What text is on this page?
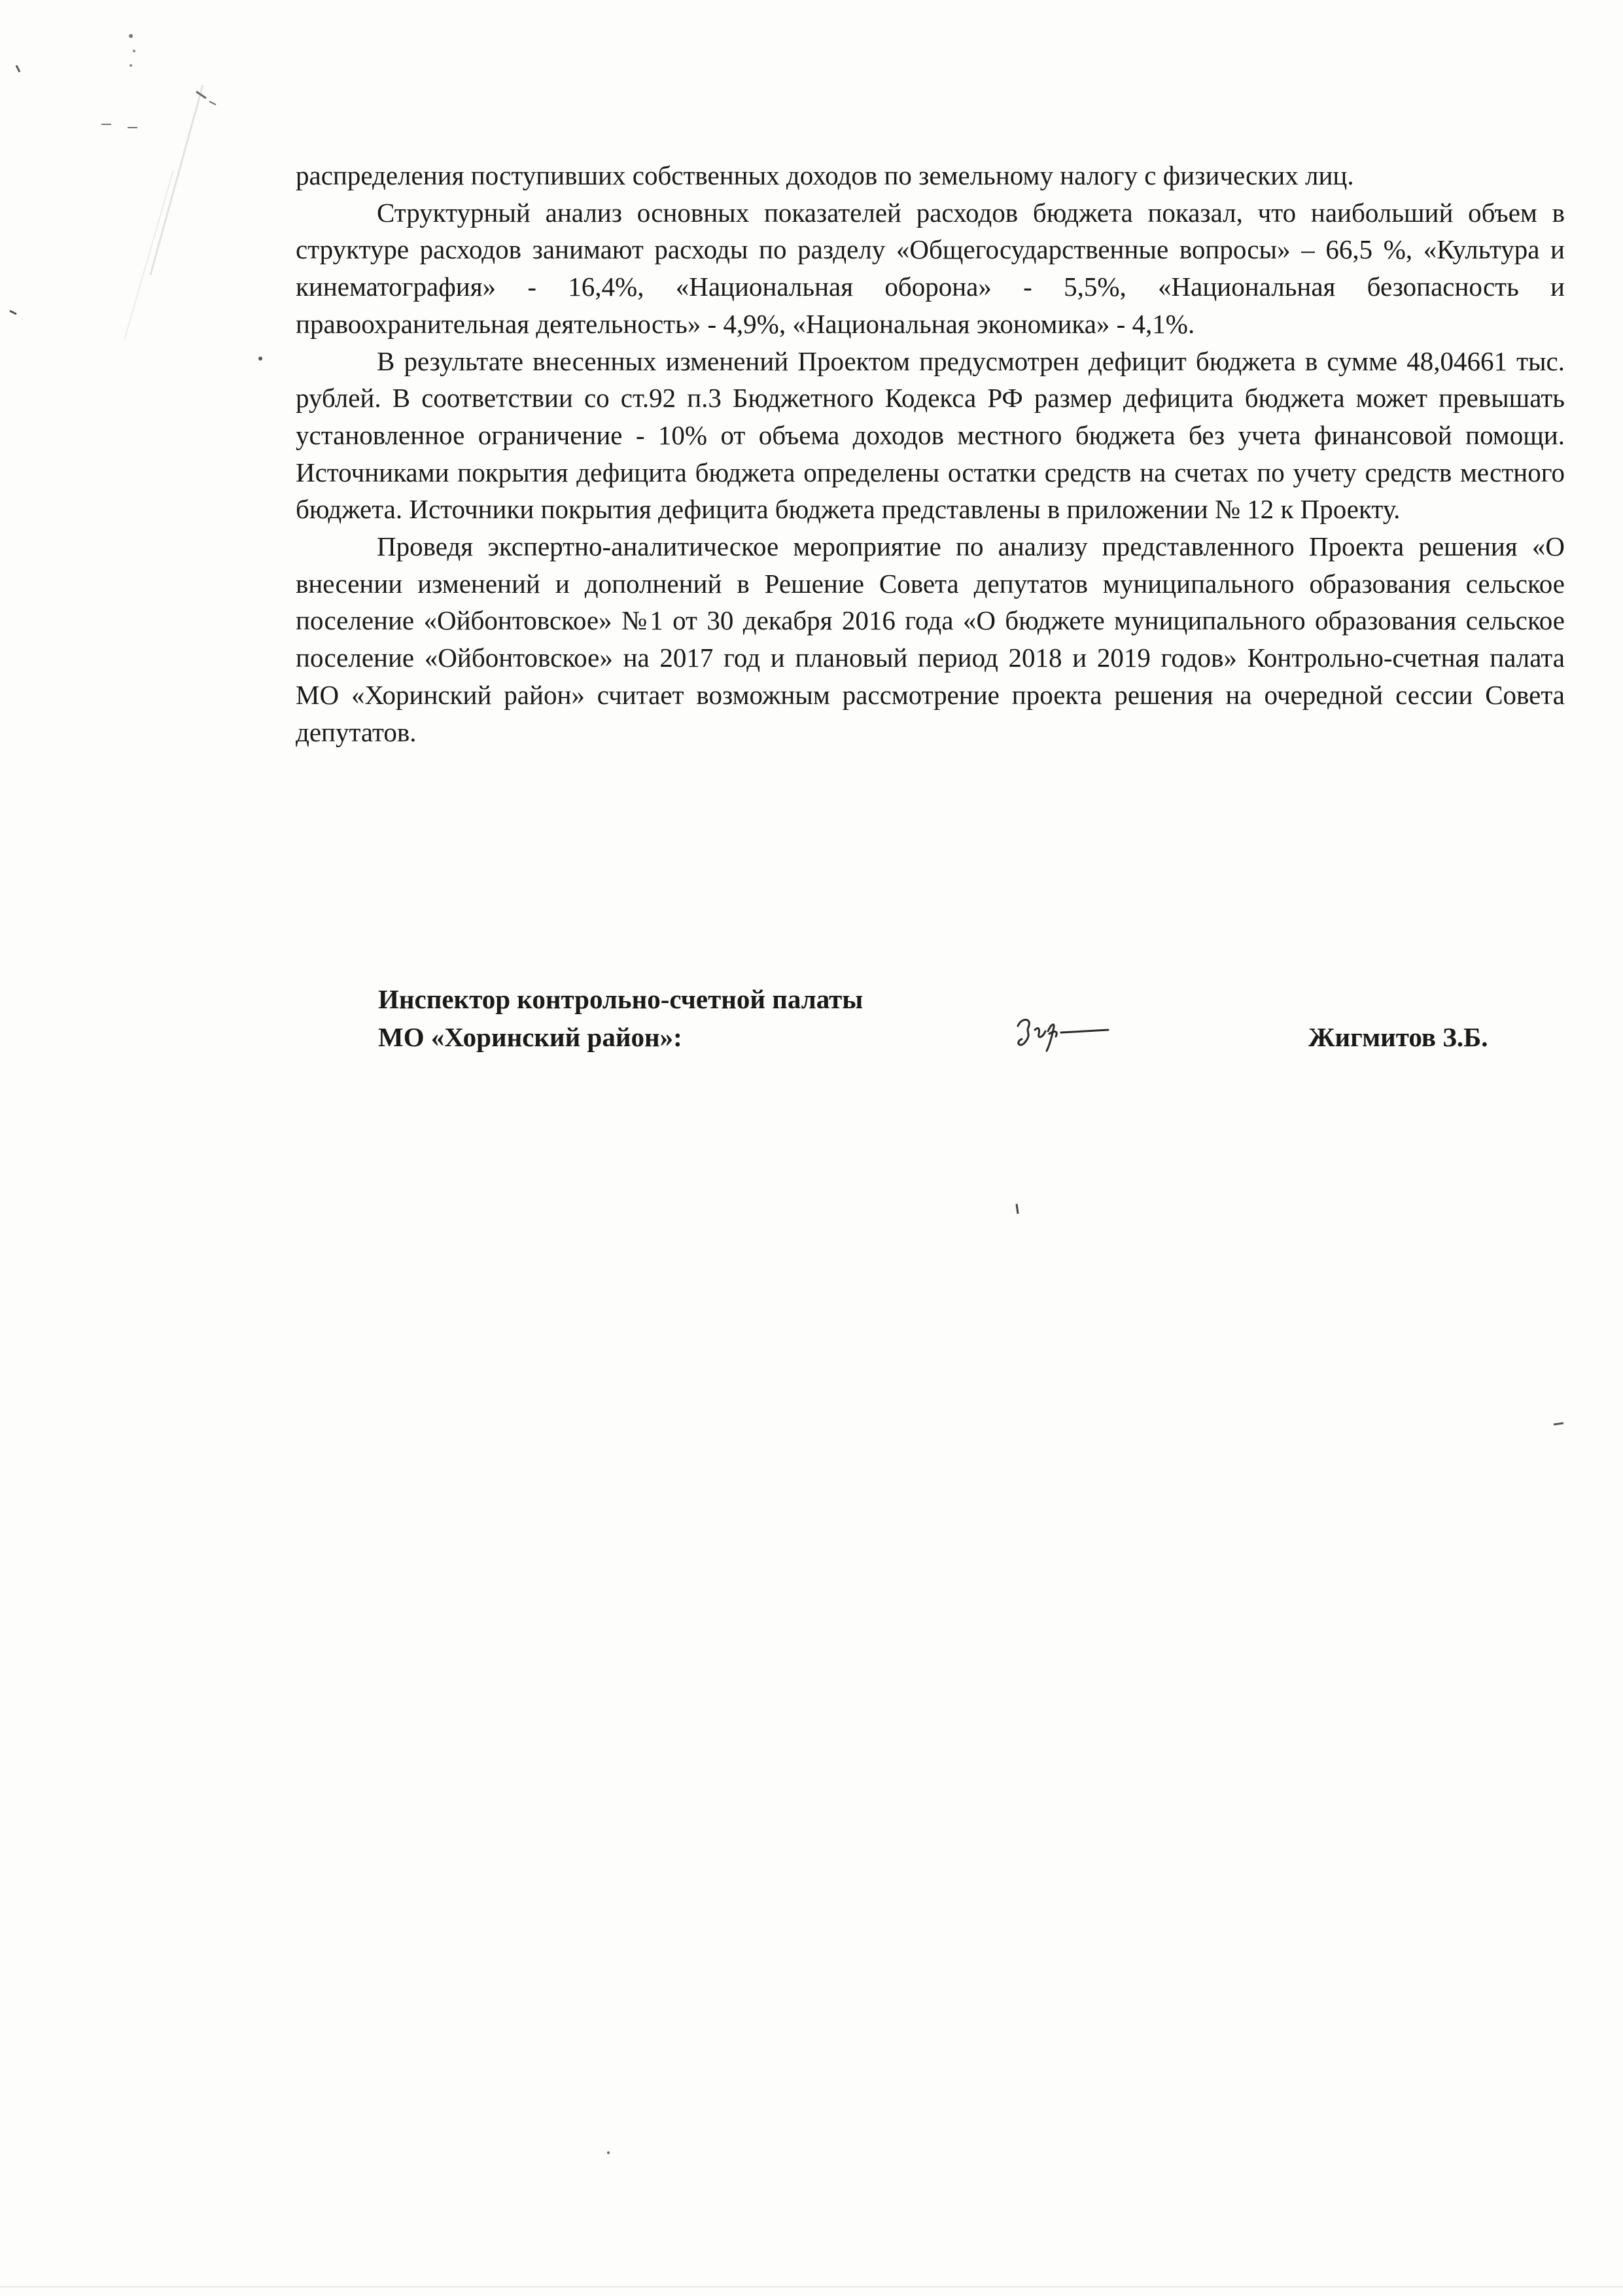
распределения поступивших собственных доходов по земельному налогу с физических лиц.

Структурный анализ основных показателей расходов бюджета показал, что наибольший объем в структуре расходов занимают расходы по разделу «Общегосударственные вопросы» – 66,5 %, «Культура и кинематография» - 16,4%, «Национальная оборона» - 5,5%, «Национальная безопасность и правоохранительная деятельность» - 4,9%, «Национальная экономика» - 4,1%.

В результате внесенных изменений Проектом предусмотрен дефицит бюджета в сумме 48,04661 тыс. рублей. В соответствии со ст.92 п.3 Бюджетного Кодекса РФ размер дефицита бюджета может превышать установленное ограничение - 10% от объема доходов местного бюджета без учета финансовой помощи. Источниками покрытия дефицита бюджета определены остатки средств на счетах по учету средств местного бюджета. Источники покрытия дефицита бюджета представлены в приложении № 12 к Проекту.

Проведя экспертно-аналитическое мероприятие по анализу представленного Проекта решения «О внесении изменений и дополнений в Решение Совета депутатов муниципального образования сельское поселение «Ойбонтовское» №1 от 30 декабря 2016 года «О бюджете муниципального образования сельское поселение «Ойбонтовское» на 2017 год и плановый период 2018 и 2019 годов» Контрольно-счетная палата МО «Хоринский район» считает возможным рассмотрение проекта решения на очередной сессии Совета депутатов.

Инспектор контрольно-счетной палаты
МО «Хоринский район»:	Жигмитов З.Б.
